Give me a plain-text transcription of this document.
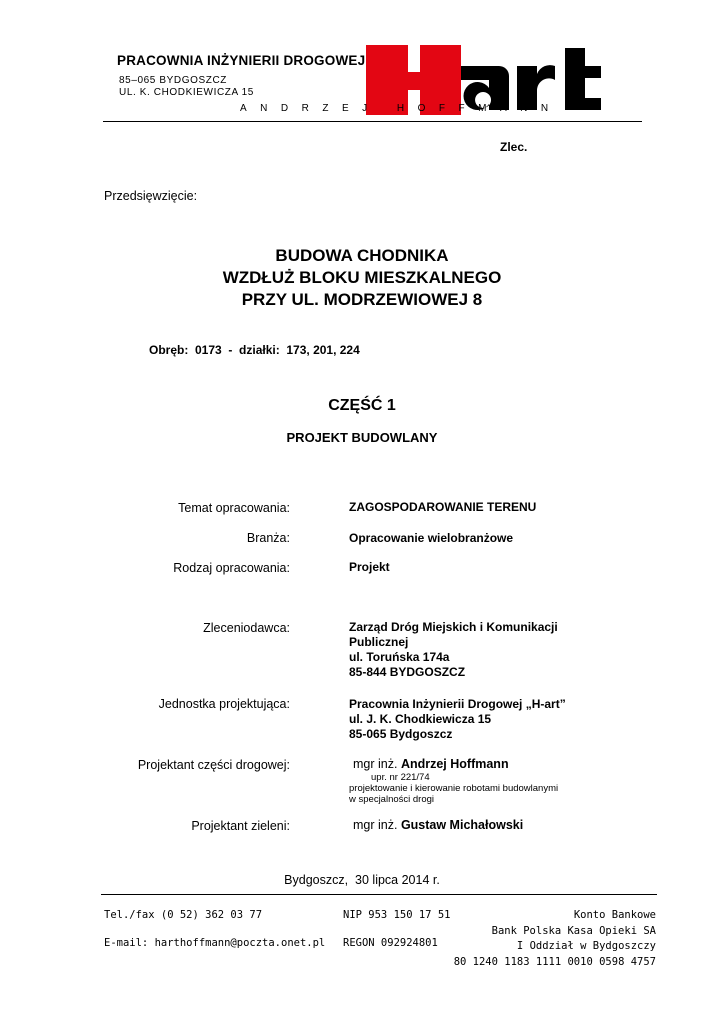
PRACOWNIA INŻYNIERII DROGOWEJ
85–065 BYDGOSZCZ
UL. K. CHODKIEWICZA 15
ANDRZEJ HOFFMANN
Zlec.
Przedsięwzięcie:
BUDOWA CHODNIKA
WZDŁUŻ BLOKU MIESZKALNEGO
PRZY UL. MODRZEWIOWEJ 8
Obręb:  0173  -  działki:  173, 201, 224
CZĘŚĆ 1
PROJEKT BUDOWLANY
Temat opracowania:	ZAGOSPODAROWANIE TERENU
Branża:	Opracowanie wielobranżowe
Rodzaj opracowania:	Projekt
Zleceniodawca:	Zarząd Dróg Miejskich i Komunikacji
Publicznej
ul. Toruńska 174a
85-844 BYDGOSZCZ
Jednostka projektująca:	Pracownia Inżynierii Drogowej „H-art”
ul. J. K. Chodkiewicza 15
85-065 Bydgoszcz
Projektant części drogowej:	mgr inż. Andrzej Hoffmann
upr. nr 221/74
projektowanie i kierowanie robotami budowlanymi
w specjalności drogi
Projektant zieleni:	mgr inż. Gustaw Michałowski
Bydgoszcz,  30 lipca 2014 r.
Tel./fax (0 52) 362 03 77
E-mail: harthoffmann@poczta.onet.pl
NIP 953 150 17 51
REGON 092924801
Konto Bankowe
Bank Polska Kasa Opieki SA
I Oddział w Bydgoszczy
80 1240 1183 1111 0010 0598 4757
